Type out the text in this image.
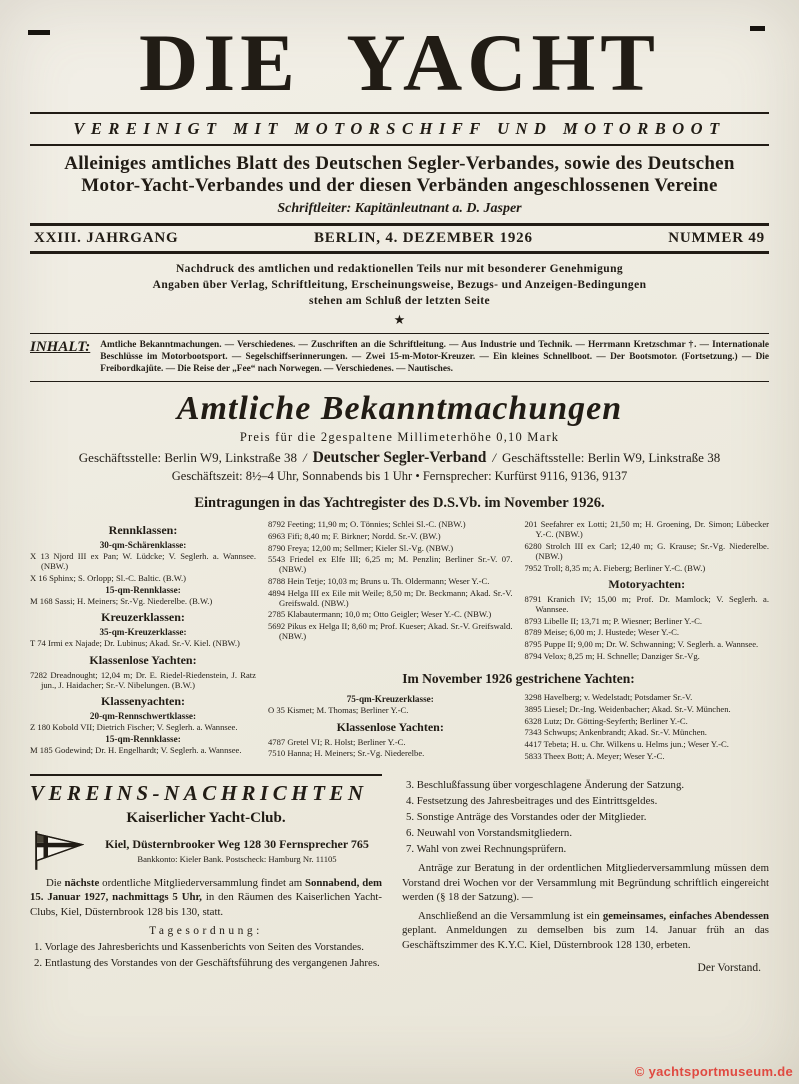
DIE YACHT
VEREINIGT MIT MOTORSCHIFF UND MOTORBOOT
Alleiniges amtliches Blatt des Deutschen Segler-Verbandes, sowie des Deutschen
Motor-Yacht-Verbandes und der diesen Verbänden angeschlossenen Vereine
Schriftleiter: Kapitänleutnant a. D. Jasper
XXIII. JAHRGANG	BERLIN, 4. DEZEMBER 1926	NUMMER 49
Nachdruck des amtlichen und redaktionellen Teils nur mit besonderer Genehmigung
Angaben über Verlag, Schriftleitung, Erscheinungsweise, Bezugs- und Anzeigen-Bedingungen
stehen am Schluß der letzten Seite
★
INHALT: Amtliche Bekanntmachungen. — Verschiedenes. — Zuschriften an die Schriftleitung. — Aus Industrie und Technik. — Herrmann Kretzschmar †. — Internationale Beschlüsse im Motorbootsport. — Segelschiffserinnerungen. — Zwei 15-m-Motor-Kreuzer. — Ein kleines Schnellboot. — Der Bootsmotor. (Fortsetzung.) — Die Freibordkajüte. — Die Reise der „Fee“ nach Norwegen. — Verschiedenes. — Nautisches.
Amtliche Bekanntmachungen
Preis für die 2gespaltene Millimeterhöhe 0,10 Mark
Geschäftsstelle: Berlin W9, Linkstraße 38 / Deutscher Segler-Verband / Geschäftsstelle: Berlin W9, Linkstraße 38
Geschäftszeit: 8½–4 Uhr, Sonnabends bis 1 Uhr • Fernsprecher: Kurfürst 9116, 9136, 9137
Eintragungen in das Yachtregister des D.S.Vb. im November 1926.
Rennklassen:
30-qm-Schärenklasse:
X 13 Njord III ex Pan; W. Lüdcke; V. Seglerh. a. Wannsee. (NBW.)
X 16 Sphinx; S. Orlopp; Sl.-C. Baltic. (B.W.)
15-qm-Rennklasse:
M 168 Sassi; H. Meiners; Sr.-Vg. Niederelbe. (B.W.)
Kreuzerklassen:
35-qm-Kreuzerklasse:
T 74 Irmi ex Najade; Dr. Lubinus; Akad. Sr.-V. Kiel. (NBW.)
Klassenlose Yachten:
7282 Dreadnought; 12,04 m; Dr. E. Riedel-Riedenstein, J. Ratz jun., J. Haidacher; Sr.-V. Nibelungen. (B.W.)
Klassenyachten:
20-qm-Rennschwertklasse:
Z 180 Kobold VII; Dietrich Fischer; V. Seglerh. a. Wannsee.
15-qm-Rennklasse:
M 185 Godewind; Dr. H. Engelhardt; V. Seglerh. a. Wannsee.
8792 Feeting; 11,90 m; O. Tönnies; Schlei Sl.-C. (NBW.)
6963 Fifi; 8,40 m; F. Birkner; Nordd. Sr.-V. (BW.)
8790 Freya; 12,00 m; Sellmer; Kieler Sl.-Vg. (NBW.)
5543 Friedel ex Elfe III; 6,25 m; M. Penzlin; Berliner Sr.-V. 07. (NBW.)
8788 Hein Tetje; 10,03 m; Bruns u. Th. Oldermann; Weser Y.-C.
4894 Helga III ex Eile mit Weile; 8,50 m; Dr. Beckmann; Akad. Sr.-V. Greifswald. (NBW.)
2785 Klabautermann; 10,0 m; Otto Geigler; Weser Y.-C. (NBW.)
5692 Pikus ex Helga II; 8,60 m; Prof. Kueser; Akad. Sr.-V. Greifswald. (NBW.)
201 Seefahrer ex Lotti; 21,50 m; H. Groening, Dr. Simon; Lübecker Y.-C. (NBW.)
6280 Strolch III ex Carl; 12,40 m; G. Krause; Sr.-Vg. Niederelbe. (NBW.)
7952 Troll; 8,35 m; A. Fieberg; Berliner Y.-C. (BW.)
Motoryachten:
8791 Kranich IV; 15,00 m; Prof. Dr. Mamlock; V. Seglerh. a. Wannsee.
8793 Libelle II; 13,71 m; P. Wiesner; Berliner Y.-C.
8789 Meise; 6,00 m; J. Hustede; Weser Y.-C.
8795 Puppe II; 9,00 m; Dr. W. Schwanning; V. Seglerh. a. Wannsee.
8794 Velox; 8,25 m; H. Schnelle; Danziger Sr.-Vg.
Im November 1926 gestrichene Yachten:
75-qm-Kreuzerklasse:
O 35 Kismet; M. Thomas; Berliner Y.-C.
Klassenlose Yachten:
4787 Gretel VI; R. Holst; Berliner Y.-C.
7510 Hanna; H. Meiners; Sr.-Vg. Niederelbe.
3298 Havelberg; v. Wedelstadt; Potsdamer Sr.-V.
3895 Liesel; Dr.-Ing. Weidenbacher; Akad. Sr.-V. München.
6328 Lutz; Dr. Götting-Seyferth; Berliner Y.-C.
7343 Schwups; Ankenbrandt; Akad. Sr.-V. München.
4417 Tebeta; H. u. Chr. Wilkens u. Helms jun.; Weser Y.-C.
5833 Theex Bott; A. Meyer; Weser Y.-C.
VEREINS-NACHRICHTEN
Kaiserlicher Yacht-Club.
Kiel, Düsternbrooker Weg 128 30 Fernsprecher 765
Bankkonto: Kieler Bank. Postscheck: Hamburg Nr. 11105

Die nächste ordentliche Mitgliederversammlung findet am Sonnabend, dem 15. Januar 1927, nachmittags 5 Uhr, in den Räumen des Kaiserlichen Yacht-Clubs, Kiel, Düsternbrook 128 bis 130, statt.

Tagesordnung:
1. Vorlage des Jahresberichts und Kassenberichts von Seiten des Vorstandes.
2. Entlastung des Vorstandes von der Geschäftsführung des vergangenen Jahres.
3. Beschlußfassung über vorgeschlagene Änderung der Satzung.
4. Festsetzung des Jahresbeitrages und des Eintrittsgeldes.
5. Sonstige Anträge des Vorstandes oder der Mitglieder.
6. Neuwahl von Vorstandsmitgliedern.
7. Wahl von zwei Rechnungsprüfern.

Anträge zur Beratung in der ordentlichen Mitgliederversammlung müssen dem Vorstand drei Wochen vor der Versammlung mit Begründung schriftlich eingereicht werden (§ 18 der Satzung). —

Anschließend an die Versammlung ist ein gemeinsames, einfaches Abendessen geplant. Anmeldungen zu demselben bis zum 14. Januar früh an das Geschäftszimmer des K.Y.C. Kiel, Düsternbrook 128 130, erbeten.

Der Vorstand.
© yachtsportmuseum.de
